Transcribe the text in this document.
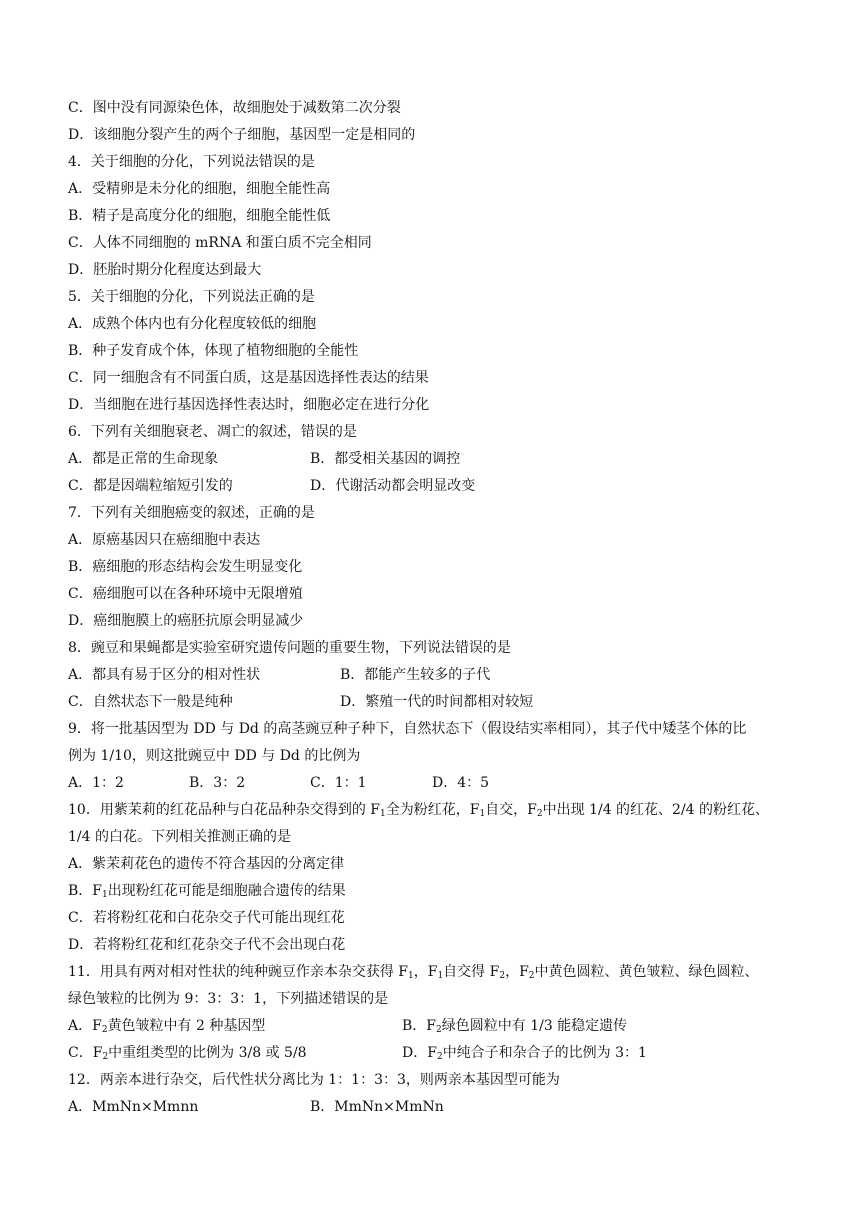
C．图中没有同源染色体，故细胞处于减数第二次分裂
D．该细胞分裂产生的两个子细胞，基因型一定是相同的
4．关于细胞的分化，下列说法错误的是
A．受精卵是未分化的细胞，细胞全能性高
B．精子是高度分化的细胞，细胞全能性低
C．人体不同细胞的 mRNA 和蛋白质不完全相同
D．胚胎时期分化程度达到最大
5．关于细胞的分化，下列说法正确的是
A．成熟个体内也有分化程度较低的细胞
B．种子发育成个体，体现了植物细胞的全能性
C．同一细胞含有不同蛋白质，这是基因选择性表达的结果
D．当细胞在进行基因选择性表达时，细胞必定在进行分化
6．下列有关细胞衰老、凋亡的叙述，错误的是
A．都是正常的生命现象	B．都受相关基因的调控
C．都是因端粒缩短引发的	D．代谢活动都会明显改变
7．下列有关细胞癌变的叙述，正确的是
A．原癌基因只在癌细胞中表达
B．癌细胞的形态结构会发生明显变化
C．癌细胞可以在各种环境中无限增殖
D．癌细胞膜上的癌胚抗原会明显减少
8．豌豆和果蝇都是实验室研究遗传问题的重要生物，下列说法错误的是
A．都具有易于区分的相对性状	B．都能产生较多的子代
C．自然状态下一般是纯种	D．繁殖一代的时间都相对较短
9．将一批基因型为 DD 与 Dd 的高茎豌豆种子种下，自然状态下（假设结实率相同），其子代中矮茎个体的比
例为 1/10，则这批豌豆中 DD 与 Dd 的比例为
A．1：2	B．3：2	C．1：1	D．4：5
10．用紫茉莉的红花品种与白花品种杂交得到的 $F_1$全为粉红花，$F_1$自交，$F_2$中出现 1/4 的红花、2/4 的粉红花、
1/4 的白花。下列相关推测正确的是
A．紫茉莉花色的遗传不符合基因的分离定律
B．$F_1$出现粉红花可能是细胞融合遗传的结果
C．若将粉红花和白花杂交子代可能出现红花
D．若将粉红花和红花杂交子代不会出现白花
11．用具有两对相对性状的纯种豌豆作亲本杂交获得 $F_1$，$F_1$自交得 $F_2$，$F_2$中黄色圆粒、黄色皱粒、绿色圆粒、
绿色皱粒的比例为 9：3：3：1，下列描述错误的是
A．$F_2$黄色皱粒中有 2 种基因型	B．$F_2$绿色圆粒中有 1/3 能稳定遗传
C．$F_2$中重组类型的比例为 3/8 或 5/8	D．$F_2$中纯合子和杂合子的比例为 3：1
12．两亲本进行杂交，后代性状分离比为 1：1：3：3，则两亲本基因型可能为
A．MmNn×Mmnn	B．MmNn×MmNn
